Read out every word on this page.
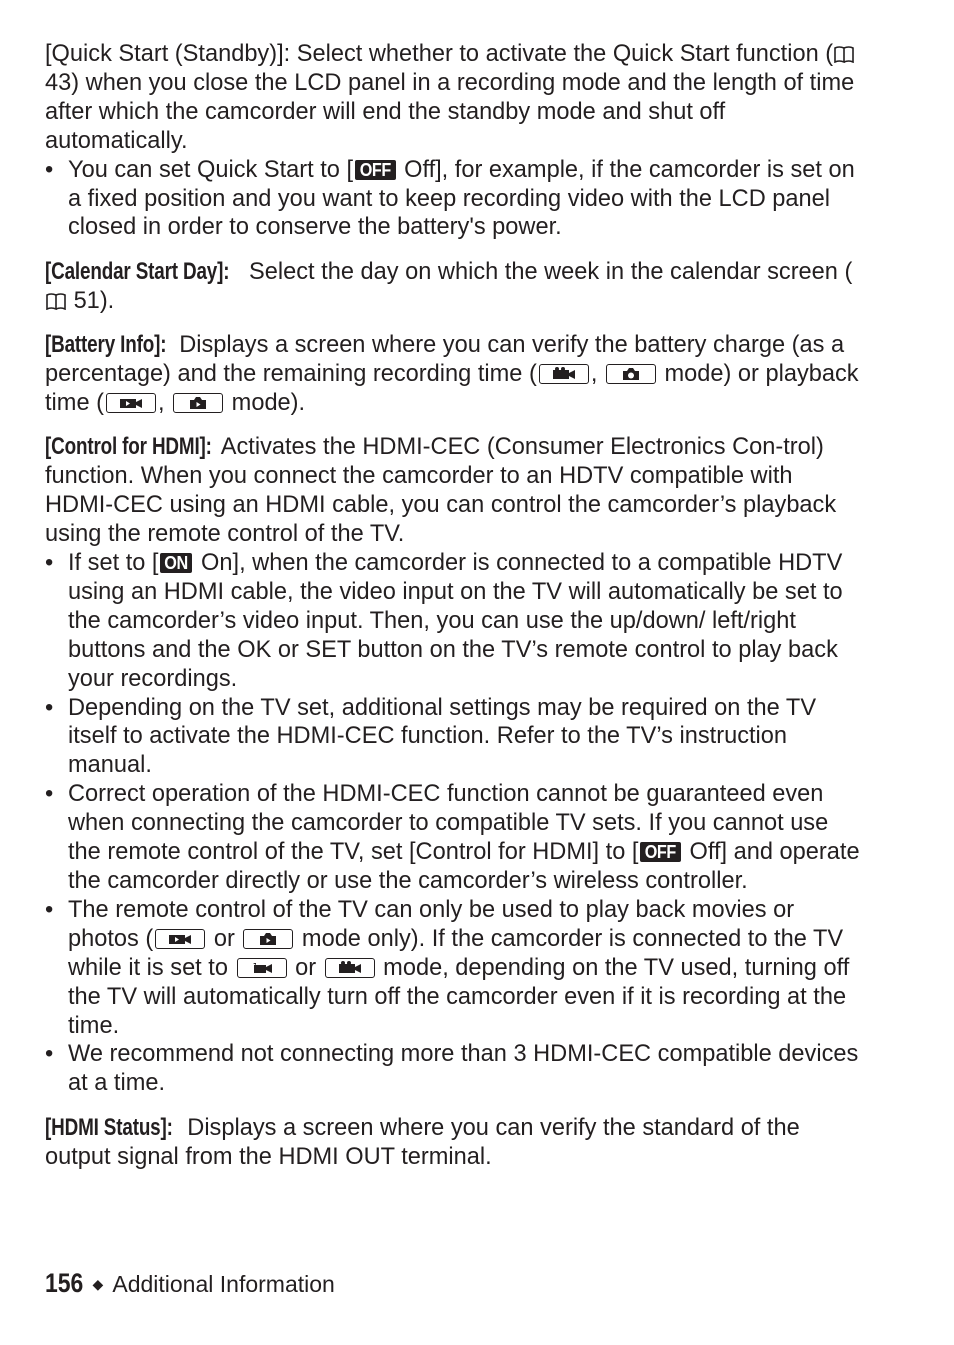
[Quick Start (Standby)]: Select whether to activate the Quick Start function ( 43) when you close the LCD panel in a recording mode and the length of time after which the camcorder will end the standby mode and shut off automatically.

• You can set Quick Start to [ OFF Off], for example, if the camcorder is set on a fixed position and you want to keep recording video with the LCD panel closed in order to conserve the battery's power.

[Calendar Start Day]: Select the day on which the week in the calendar screen ( 51).

[Battery Info]: Displays a screen where you can verify the battery charge (as a percentage) and the remaining recording time ( ,
mode) or playback time ( ,
mode).

[Control for HDMI]: Activates the HDMI-CEC (Consumer Electronics Con-trol) function. When you connect the camcorder to an HDTV compatible with HDMI-CEC using an HDMI cable, you can control the camcorder’s playback using the remote control of the TV.

• If set to [ ON On], when the camcorder is connected to a compatible HDTV using an HDMI cable, the video input on the TV will automatically be set to the camcorder’s video input. Then, you can use the up/down/ left/right buttons and the OK or SET button on the TV’s remote control to play back your recordings.
• Depending on the TV set, additional settings may be required on the TV itself to activate the HDMI-CEC function. Refer to the TV’s instruction manual.
• Correct operation of the HDMI-CEC function cannot be guaranteed even when connecting the camcorder to compatible TV sets. If you cannot use the remote control of the TV, set [Control for HDMI] to [ OFF Off] and operate the camcorder directly or use the camcorder’s wireless controller.
• The remote control of the TV can only be used to play back movies or photos (
or
mode only). If the camcorder is connected to the TV while it is set to
or
mode, depending on the TV used, turning off the TV will automatically turn off the camcorder even if it is recording at the time.
• We recommend not connecting more than 3 HDMI-CEC compatible devices at a time.

[HDMI Status]: Displays a screen where you can verify the standard of the output signal from the HDMI OUT terminal.

156 ◆ Additional Information
